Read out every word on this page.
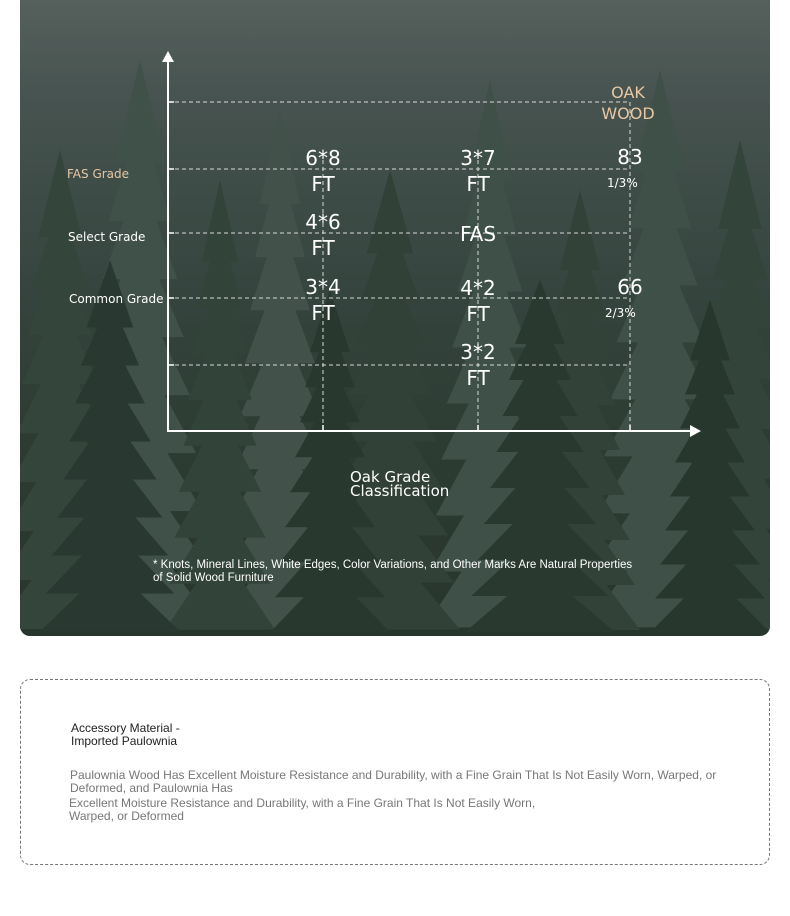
OAK
WOOD
FAS Grade
Select Grade
Common Grade
6*8
FT
3*7
FT
83
1/3%
4*6
FT
FAS
3*4
FT
4*2
FT
66
2/3%
3*2
FT
Oak Grade
Classification
* Knots, Mineral Lines, White Edges, Color Variations, and Other Marks Are Natural Properties of Solid Wood Furniture
Accessory Material -
Imported Paulownia
Paulownia Wood Has Excellent Moisture Resistance and Durability, with a Fine Grain That Is Not Easily Worn, Warped, or Deformed, and Paulownia Has
Excellent Moisture Resistance and Durability, with a Fine Grain That Is Not Easily Worn, Warped, or Deformed
